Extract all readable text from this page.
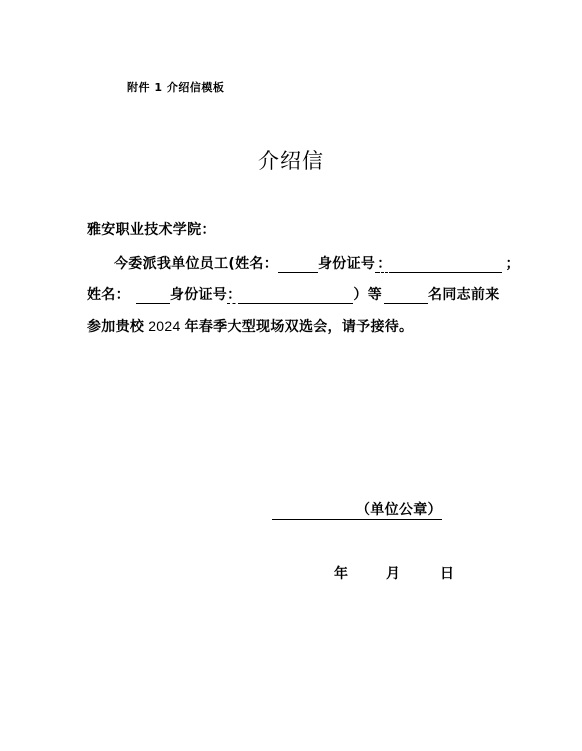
附件 1 介绍信模板
介绍信
雅安职业技术学院：
今委派我单位员工(姓名：	身份证号 ：	；
姓名：	身份证号：	）等	名同志前来
参加贵校 2024 年春季大型现场双选会，请予接待。
（单位公章）
年	月	日
